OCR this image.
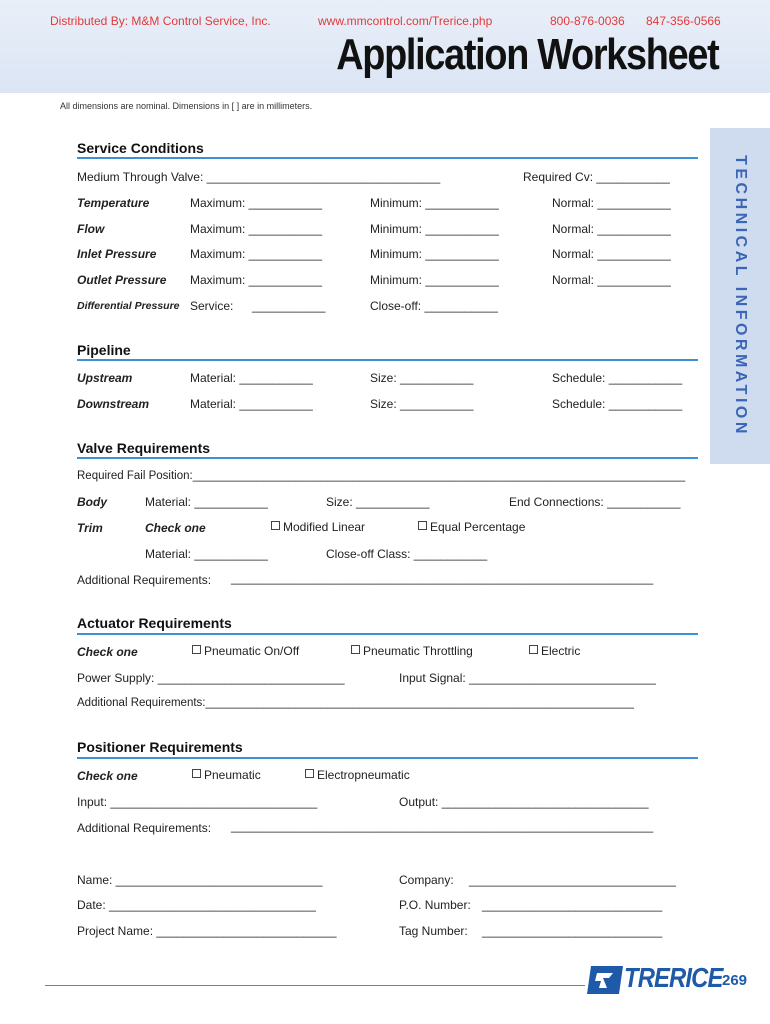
Distributed By: M&M Control Service, Inc.	www.mmcontrol.com/Trerice.php	800-876-0036 847-356-0566
Application Worksheet
All dimensions are nominal. Dimensions in [ ] are in millimeters.
TECHNICAL INFORMATION
Service Conditions
Medium Through Valve: ___________________________________	Required Cv: ___________
Temperature	Maximum: ___________	Minimum: ___________	Normal: ___________
Flow	Maximum: ___________	Minimum: ___________	Normal: ___________
Inlet Pressure	Maximum: ___________	Minimum: ___________	Normal: ___________
Outlet Pressure Maximum: ___________	Minimum: ___________	Normal: ___________
Differential Pressure Service: ___________	Close-off: ___________
Pipeline
Upstream	Material: ___________	Size: ___________	Schedule: ___________
Downstream	Material: ___________	Size: ___________	Schedule: ___________
Valve Requirements
Required Fail Position:_____________________________________________________________________________
Body	Material: ___________	Size: ___________	End Connections: ___________
Trim	Check one	Modified Linear	Equal Percentage
Material: ___________	Close-off Class: ___________
Additional Requirements: __________________________________________________________________
Actuator Requirements
Check one	Pneumatic On/Off	Pneumatic Throttling	Electric
Power Supply: ____________________________	Input Signal: ____________________________
Additional Requirements:___________________________________________________________________
Positioner Requirements
Check one	Pneumatic	Electropneumatic
Input: _______________________________	Output: _______________________________
Additional Requirements: __________________________________________________________________
Name: _______________________________	Company: _______________________________
Date: _______________________________	P.O. Number: ___________________________
Project Name: ___________________________	Tag Number: ___________________________
TRERICE 269
